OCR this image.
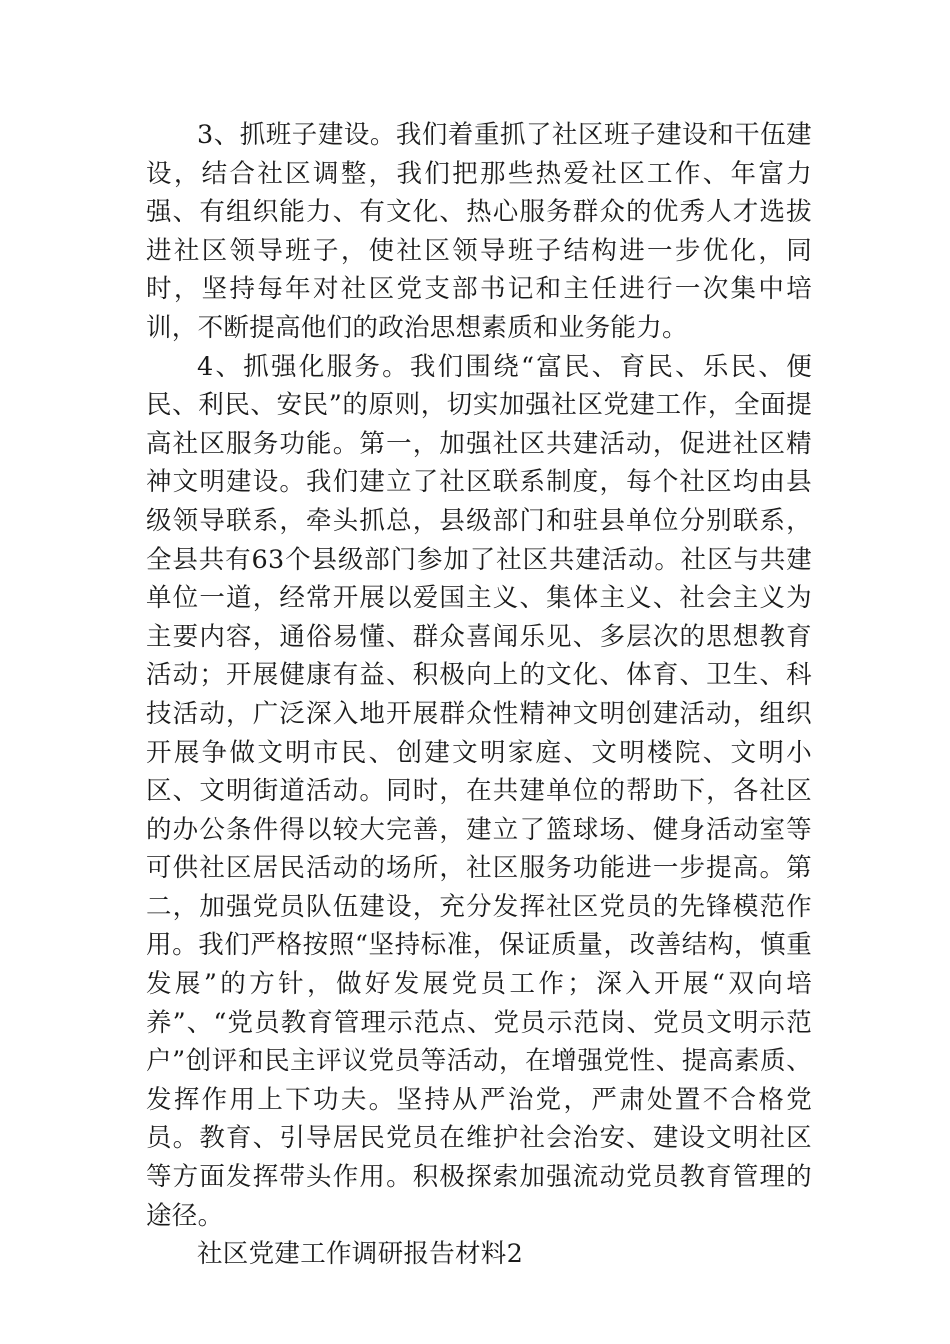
3、抓班子建设。我们着重抓了社区班子建设和干伍建设，结合社区调整，我们把那些热爱社区工作、年富力强、有组织能力、有文化、热心服务群众的优秀人才选拔进社区领导班子，使社区领导班子结构进一步优化，同时，坚持每年对社区党支部书记和主任进行一次集中培训，不断提高他们的政治思想素质和业务能力。

4、抓强化服务。我们围绕“富民、育民、乐民、便民、利民、安民”的原则，切实加强社区党建工作，全面提高社区服务功能。第一，加强社区共建活动，促进社区精神文明建设。我们建立了社区联系制度，每个社区均由县级领导联系，牵头抓总，县级部门和驻县单位分别联系，全县共有63个县级部门参加了社区共建活动。社区与共建单位一道，经常开展以爱国主义、集体主义、社会主义为主要内容，通俗易懂、群众喜闻乐见、多层次的思想教育活动；开展健康有益、积极向上的文化、体育、卫生、科技活动，广泛深入地开展群众性精神文明创建活动，组织开展争做文明市民、创建文明家庭、文明楼院、文明小区、文明街道活动。同时，在共建单位的帮助下，各社区的办公条件得以较大完善，建立了篮球场、健身活动室等可供社区居民活动的场所，社区服务功能进一步提高。第二，加强党员队伍建设，充分发挥社区党员的先锋模范作用。我们严格按照“坚持标准，保证质量，改善结构，慎重发展”的方针，做好发展党员工作；深入开展“双向培养”、“党员教育管理示范点、党员示范岗、党员文明示范户”创评和民主评议党员等活动，在增强党性、提高素质、发挥作用上下功夫。坚持从严治党，严肃处置不合格党员。教育、引导居民党员在维护社会治安、建设文明社区等方面发挥带头作用。积极探索加强流动党员教育管理的途径。

社区党建工作调研报告材料2
